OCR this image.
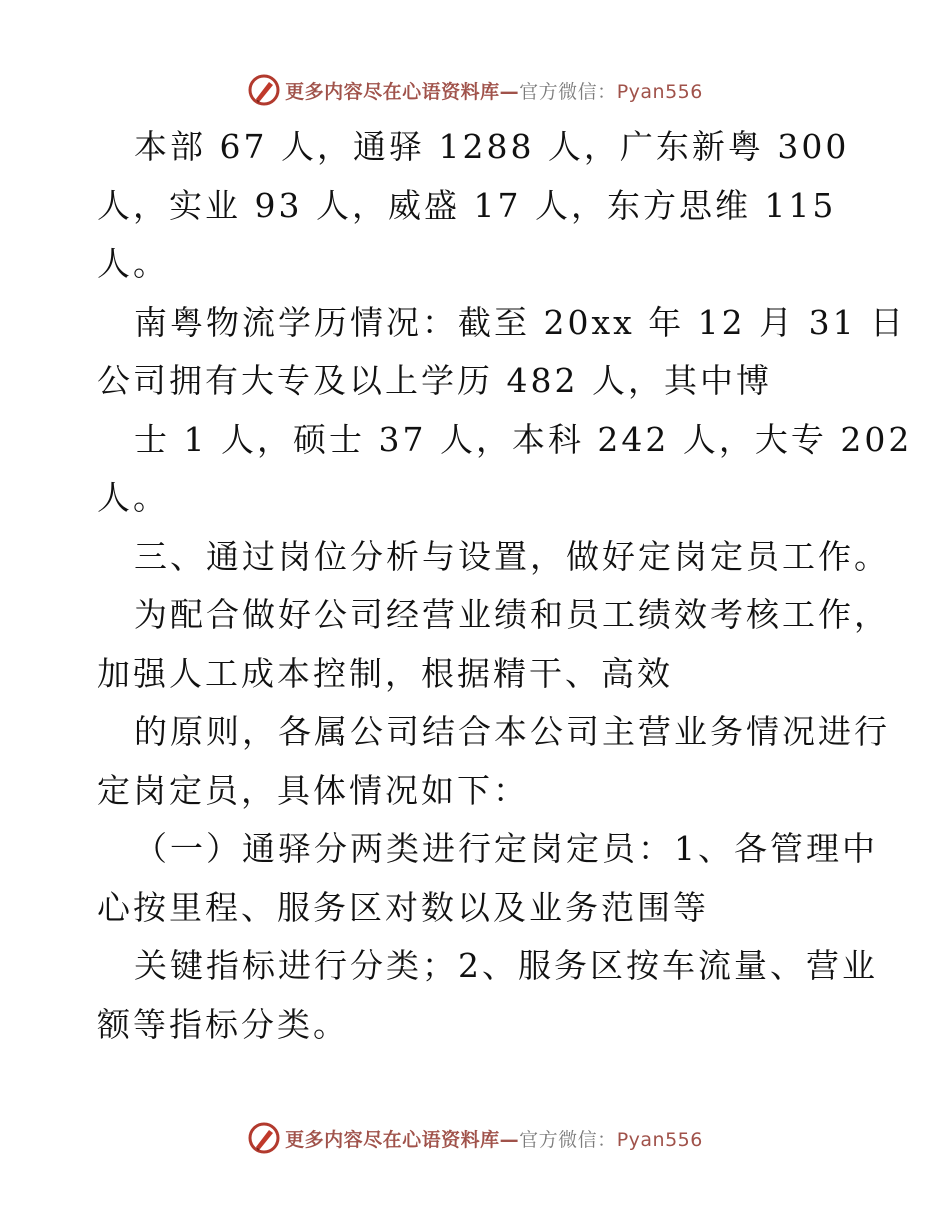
更多内容尽在心语资料库—官方微信：Pyan556
本部 67 人，通驿 1288 人，广东新粤 300
人，实业 93 人，威盛 17 人，东方思维 115
人。
南粤物流学历情况：截至 20xx 年 12 月 31 日
公司拥有大专及以上学历 482 人，其中博
士 1 人，硕士 37 人，本科 242 人，大专 202
人。
三、通过岗位分析与设置，做好定岗定员工作。
为配合做好公司经营业绩和员工绩效考核工作，
加强人工成本控制，根据精干、高效
的原则，各属公司结合本公司主营业务情况进行
定岗定员，具体情况如下：
（一）通驿分两类进行定岗定员：1、各管理中
心按里程、服务区对数以及业务范围等
关键指标进行分类；2、服务区按车流量、营业
额等指标分类。
更多内容尽在心语资料库—官方微信：Pyan556
